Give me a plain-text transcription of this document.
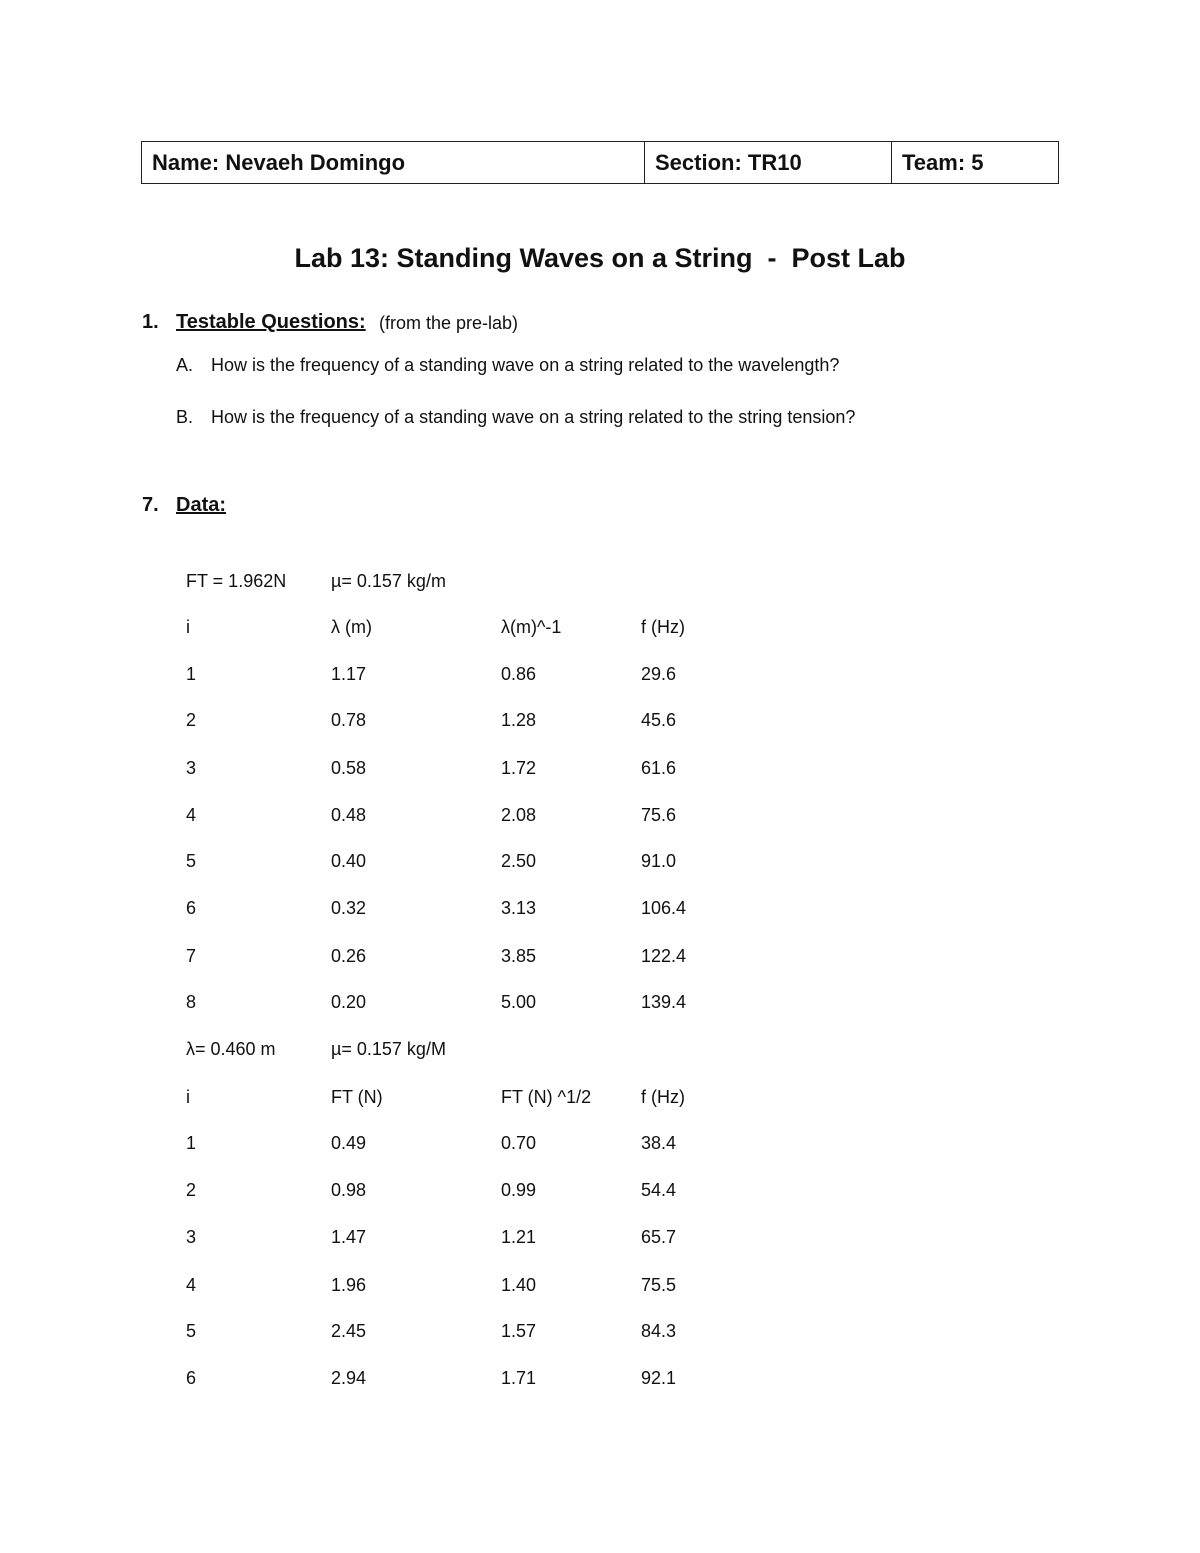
Name: Nevaeh Domingo	Section: TR10	Team: 5
Lab 13: Standing Waves on a String  -  Post Lab
1. Testable Questions: (from the pre-lab)
A. How is the frequency of a standing wave on a string related to the wavelength?
B. How is the frequency of a standing wave on a string related to the string tension?
7. Data:
FT = 1.962N µ= 0.157 kg/m
i	λ (m)	λ(m)^-1	f (Hz)
1	1.17	0.86	29.6
2	0.78	1.28	45.6
3	0.58	1.72	61.6
4	0.48	2.08	75.6
5	0.40	2.50	91.0
6	0.32	3.13	106.4
7	0.26	3.85	122.4
8	0.20	5.00	139.4
λ= 0.460 m	µ= 0.157 kg/M
i	FT (N)	FT (N) ^1/2	f (Hz)
1	0.49	0.70	38.4
2	0.98	0.99	54.4
3	1.47	1.21	65.7
4	1.96	1.40	75.5
5	2.45	1.57	84.3
6	2.94	1.71	92.1
